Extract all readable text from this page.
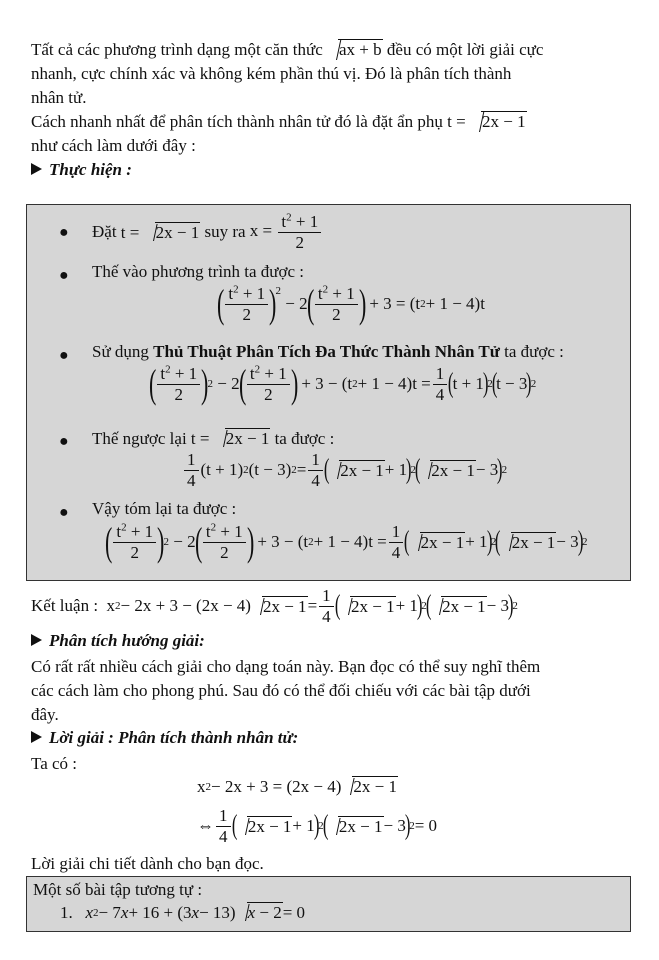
Tất cả các phương trình dạng một căn thức ax + b đều có một lời giải cực
nhanh, cực chính xác và không kém phần thú vị. Đó là phân tích thành
nhân tử.
Cách nhanh nhất để phân tích thành nhân tử đó là đặt ẩn phụ t = 2x − 1
như cách làm dưới đây :
Thực hiện :
● Đặt
t = 2x − 1
suy ra
$x = \frac{t^2 + 1}{2}$
● Thế vào phương trình ta được :
( $\frac{t^2 + 1}{2}$ )
2
− 2
( $\frac{t^2 + 1}{2}$ )
+ 3 = (t 2 + 1 − 4)t
● Sử dụng Thủ Thuật Phân Tích Đa Thức Thành Nhân Tử ta được :
( $\frac{t^2 + 1}{2}$ )
2 − 2
( $\frac{t^2 + 1}{2}$ )
+ 3 − (t $2 + 1 - 4)t = \frac{1}{4}$ (
t + 1
)
2
(
t − 3
)
2
● Thế ngược lại
t = 2x − 1
ta được :
$\frac{1}{4} (t + 1)$ 2 (t − 3) $2 = \frac{1}{4}$ ( 2x − 1 + 1
)
2
( 2x − 1 − 3
)
2
● Vậy tóm lại ta được :
( $\frac{t^2 + 1}{2}$ )
2 − 2
( $\frac{t^2 + 1}{2}$ )
+ 3 − (t $2 + 1 - 4)t = \frac{1}{4}$ ( 2x − 1 + 1
)
2
( 2x − 1 − 3
)
2
Kết luận : x 2 − 2x + 3 − (2x − 4) $2x - 1 = \frac{1}{4}$ ( 2x − 1 + 1
)
2
( 2x − 1 − 3
)
2
Phân tích hướng giải:
Có rất rất nhiều cách giải cho dạng toán này. Bạn đọc có thể suy nghĩ thêm
các cách làm cho phong phú. Sau đó có thể đối chiếu với các bài tập dưới
đây.
Lời giải : Phân tích thành nhân tử:
Ta có :
x 2 − 2x + 3 = (2x − 4) 2x − 1
⇔ $\frac{1}{4}$ ( 2x − 1 + 1
)
2
( 2x − 1 − 3
)
2 = 0
Lời giải chi tiết dành cho bạn đọc.
Một số bài tập tương tự :
1.
x 2 − 7 x + 16 + (3 x − 13) x − 2 = 0
